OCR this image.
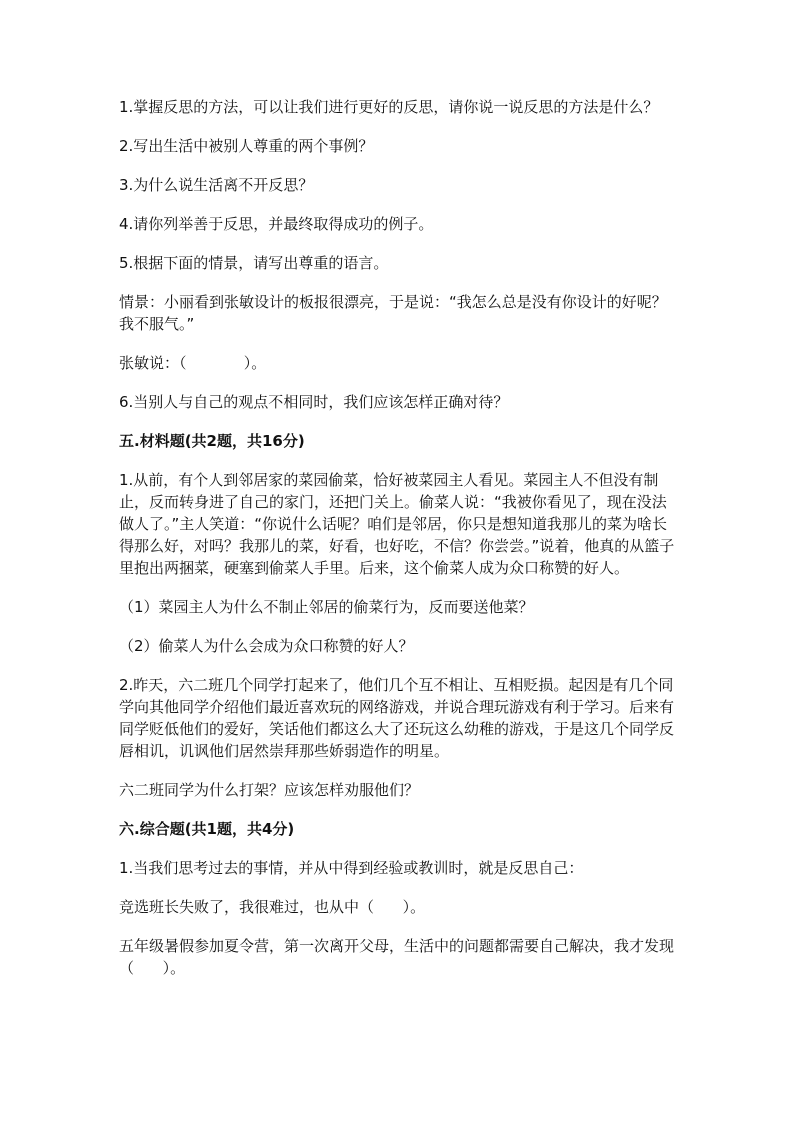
1.掌握反思的方法，可以让我们进行更好的反思，请你说一说反思的方法是什么？
2.写出生活中被别人尊重的两个事例？
3.为什么说生活离不开反思？
4.请你列举善于反思，并最终取得成功的例子。
5.根据下面的情景，请写出尊重的语言。
情景：小丽看到张敏设计的板报很漂亮，于是说：“我怎么总是没有你设计的好呢？我不服气。”
张敏说：（            ）。
6.当别人与自己的观点不相同时，我们应该怎样正确对待？
五.材料题(共2题，共16分)
1.从前，有个人到邻居家的菜园偷菜，恰好被菜园主人看见。菜园主人不但没有制止，反而转身进了自己的家门，还把门关上。偷菜人说：“我被你看见了，现在没法做人了。”主人笑道：“你说什么话呢？咱们是邻居，你只是想知道我那儿的菜为啥长得那么好，对吗？我那儿的菜，好看，也好吃，不信？你尝尝。”说着，他真的从篮子里抱出两捆菜，硬塞到偷菜人手里。后来，这个偷菜人成为众口称赞的好人。
（1）菜园主人为什么不制止邻居的偷菜行为，反而要送他菜？
（2）偷菜人为什么会成为众口称赞的好人？
2.昨天，六二班几个同学打起来了，他们几个互不相让、互相贬损。起因是有几个同学向其他同学介绍他们最近喜欢玩的网络游戏，并说合理玩游戏有利于学习。后来有同学贬低他们的爱好，笑话他们都这么大了还玩这么幼稚的游戏，于是这几个同学反唇相讥，讥讽他们居然崇拜那些娇弱造作的明星。
六二班同学为什么打架？应该怎样劝服他们？
六.综合题(共1题，共4分)
1.当我们思考过去的事情，并从中得到经验或教训时，就是反思自己：
竞选班长失败了，我很难过，也从中（      ）。
五年级暑假参加夏令营，第一次离开父母，生活中的问题都需要自己解决，我才发现（      ）。
